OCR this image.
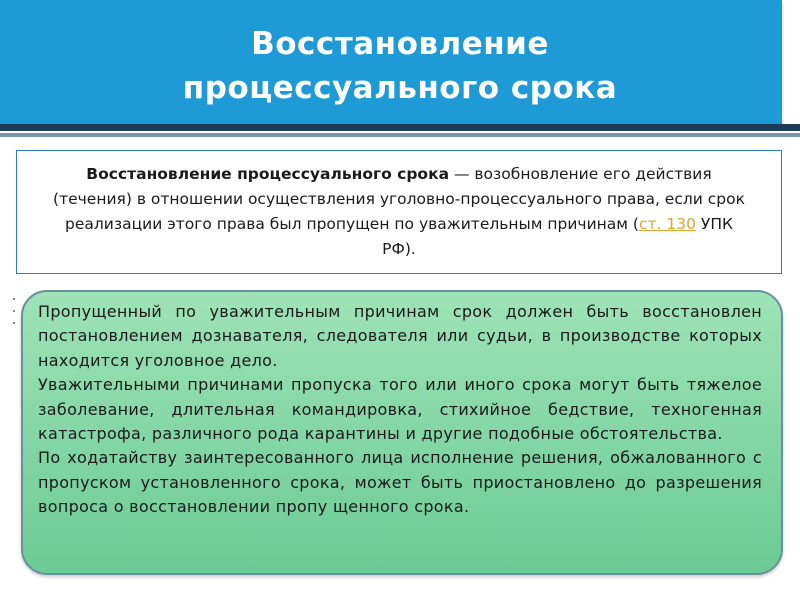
Восстановление
процессуального срока
Восстановление процессуального срока — возобновление его действия (течения) в отношении осуществления уголовно-процессуального права, если срок реализации этого права был пропущен по уважительным причинам (ст. 130 УПК РФ).

Пропущенный по уважительным причинам срок должен быть восстановлен постановлением дознавателя, следователя или судьи, в производстве которых находится уголовное дело.

Уважительными причинами пропуска того или иного срока могут быть тяжелое заболевание, длительная командировка, стихийное бедствие, техногенная катастрофа, различного рода карантины и другие подобные обстоятельства.

По ходатайству заинтересованного лица исполнение решения, обжалованного с пропуском установленного срока, может быть приостановлено до разрешения вопроса о восстановлении пропу щенного срока.
